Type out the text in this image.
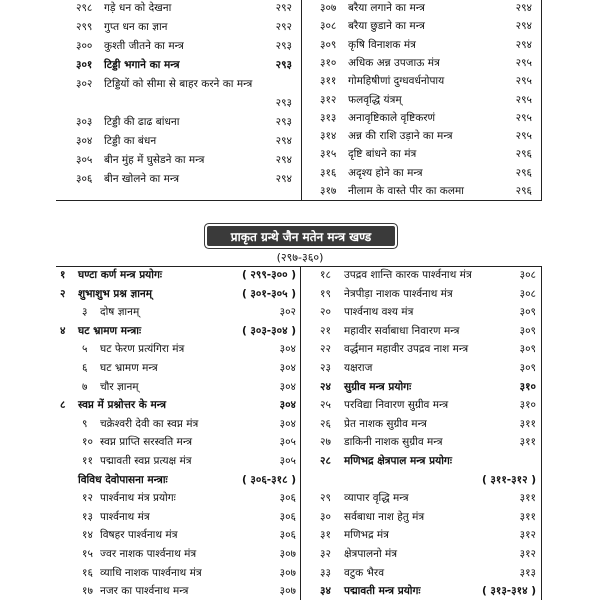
प्राकृत ग्रन्थे जैन मतेन मन्त्र खण्ड
(२९७-३६०)
२९८	गड़े धन को देखना	२९२
२९९	गुप्त धन का ज्ञान	२९२
३००	कुश्ती जीतने का मन्त्र	२९३
३०१	टिड्डी भगाने का मन्त्र	२९३
३०२	टिड्डियों को सीमा से बाहर करने का मन्त्र
२९३
३०३	टिड्डी की ढाढ बांधना	२९३
३०४	टिड्डी का बंधन	२९४
३०५	बीन मुंह में घुसेडने का मन्त्र	२९४
३०६	बीन खोलने का मन्त्र	२९४
३०७	बरैया लगाने का मन्त्र	२९४
३०८	बरैया छुडाने का मन्त्र	२९४
३०९	कृषि विनाशक मंत्र	२९४
३१०	अधिक अन्न उपजाऊ मंत्र	२९५
३११	गोमहिषीणां दुग्धवर्धनोपाय	२९५
३१२	फलवृद्धि यंत्रम्	२९५
३१३	अनावृष्टिकाले वृष्टिकरणं	२९५
३१४	अन्न की राशि उड़ाने का मन्त्र	२९५
३१५	दृष्टि बांधने का मंत्र	२९६
३१६	अदृश्य होने का मन्त्र	२९६
३१७	नीलाम के वास्ते पीर का कलमा	२९६
१	घण्टा कर्ण मन्त्र प्रयोगः	( २९९-३०० )
२	शुभाशुभ प्रश्न ज्ञानम्	( ३०१-३०५ )
३	दोष ज्ञानम्	३०२
४	घट भ्रामण मन्त्राः	( ३०३-३०४ )
५	घट फेरण प्रत्यंगिरा मंत्र	३०४
६	घट भ्रामण मन्त्र	३०४
७	चौर ज्ञानम्	३०४
८	स्वप्न में प्रश्नोत्तर के मन्त्र	३०४
९	चक्रेश्वरी देवी का स्वप्न मंत्र	३०४
१० स्वप्न प्राप्ति सरस्वति मन्त्र	३०५
११ पद्मावती स्वप्न प्रत्यक्ष मंत्र	३०५
विविध देवोपासना मन्त्राः	( ३०६-३१८ )
१२ पार्श्वनाथ मंत्र प्रयोगः	३०६
१३ पार्श्वनाथ मंत्र	३०६
१४ विषहर पार्श्वनाथ मंत्र	३०६
१५ ज्वर नाशक पार्श्वनाथ मंत्र	३०७
१६ व्याधि नाशक पार्श्वनाथ मंत्र	३०७
१७ नजर का पार्श्वनाथ मन्त्र	३०७
१८	उपद्रव शान्ति कारक पार्श्वनाथ मंत्र	३०८
१९	नेत्रपीड़ा नाशक पार्श्वनाथ मंत्र	३०८
२०	पार्श्वनाथ वश्य मंत्र	३०९
२१	महावीर सर्वाबाधा निवारण मन्त्र	३०९
२२	वर्द्धमान महावीर उपद्रव नाश मन्त्र	३०९
२३	यक्षराज	३०९
२४	सुग्रीव मन्त्र प्रयोगः	३१०
२५	परविद्या निवारण सुग्रीव मन्त्र	३१०
२६	प्रेत नाशक सुग्रीव मन्त्र	३११
२७	डाकिनी नाशक सुग्रीव मन्त्र	३११
२८	मणिभद्र क्षेत्रपाल मन्त्र प्रयोगः
( ३११-३१२ )
२९	व्यापार वृद्धि मन्त्र	३११
३०	सर्वबाधा नाश हेतु मंत्र	३११
३१	मणिभद्र मंत्र	३१२
३२	क्षेत्रपालनो मंत्र	३१२
३३	वटुक भैरव	३१३
३४	पद्मावती मन्त्र प्रयोगः	( ३१३-३१४ )
